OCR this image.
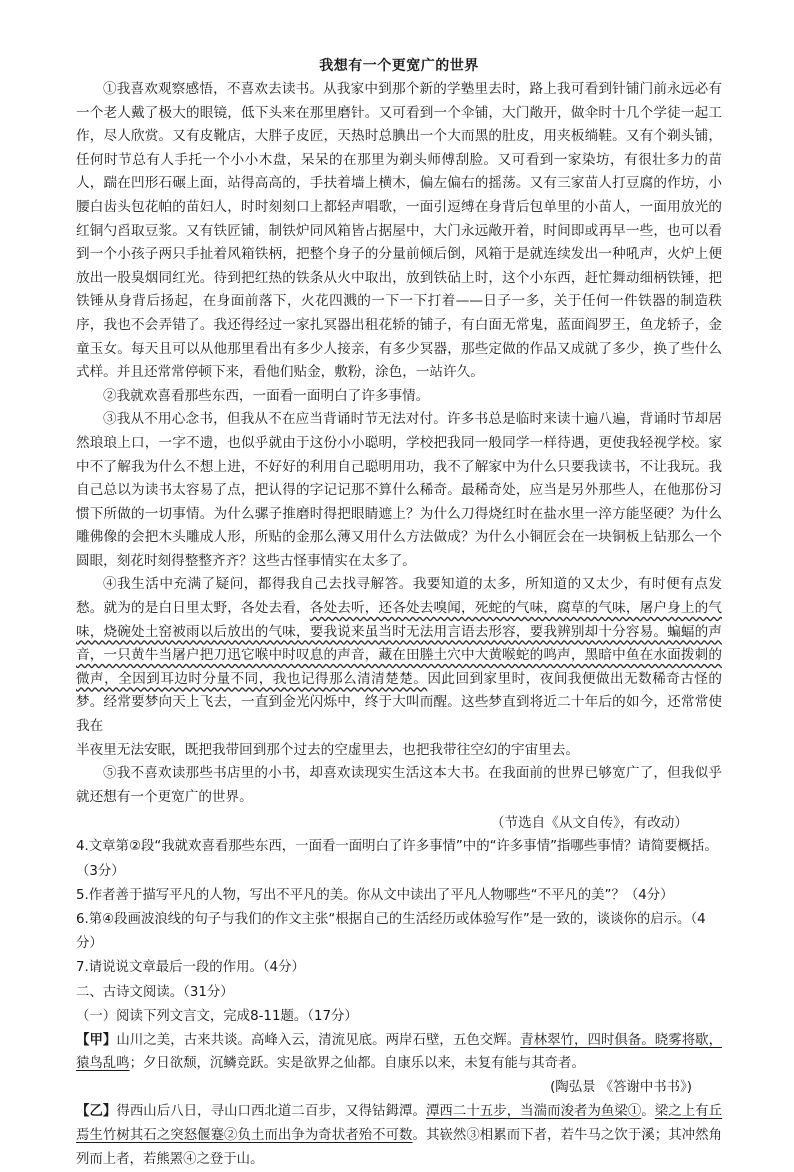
我想有一个更宽广的世界

①我喜欢观察感悟，不喜欢去读书。从我家中到那个新的学塾里去时，路上我可看到针铺门前永远必有一个老人戴了极大的眼镜，低下头来在那里磨针。又可看到一个伞铺，大门敞开，做伞时十几个学徒一起工作，尽人欣赏。又有皮靴店，大胖子皮匠，天热时总腆出一个大而黑的肚皮，用夹板绱鞋。又有个剃头铺，任何时节总有人手托一个小小木盘，呆呆的在那里为剃头师傅刮脸。又可看到一家染坊，有很壮多力的苗人，踹在凹形石碾上面，站得高高的，手扶着墙上横木，偏左偏右的摇荡。又有三家苗人打豆腐的作坊，小腰白齿头包花帕的苗妇人，时时刻刻口上都轻声唱歌，一面引逗缚在身背后包单里的小苗人，一面用放光的红铜勺舀取豆浆。又有铁匠铺，制铁炉同风箱皆占据屋中，大门永远敞开着，时间即或再早一些，也可以看到一个小孩子两只手扯着风箱铁柄，把整个身子的分量前倾后倒，风箱于是就连续发出一种吼声，火炉上便放出一股臭烟同红光。待到把红热的铁条从火中取出，放到铁砧上时，这个小东西，赶忙舞动细柄铁锤，把铁锤从身背后扬起，在身面前落下，火花四溅的一下一下打着——日子一多，关于任何一件铁器的制造秩序，我也不会弄错了。我还得经过一家扎冥器出租花轿的铺子，有白面无常鬼，蓝面阎罗王，鱼龙轿子，金童玉女。每天且可以从他那里看出有多少人接亲，有多少冥器，那些定做的作品又成就了多少，换了些什么式样。并且还常常停顿下来，看他们贴金，敷粉，涂色，一站许久。

②我就欢喜看那些东西，一面看一面明白了许多事情。

③我从不用心念书，但我从不在应当背诵时节无法对付。许多书总是临时来读十遍八遍，背诵时节却居然琅琅上口，一字不遗，也似乎就由于这份小小聪明，学校把我同一般同学一样待遇，更使我轻视学校。家中不了解我为什么不想上进，不好好的利用自己聪明用功，我不了解家中为什么只要我读书，不让我玩。我自己总以为读书太容易了点，把认得的字记记那不算什么稀奇。最稀奇处，应当是另外那些人，在他那份习惯下所做的一切事情。为什么骡子推磨时得把眼睛遮上？为什么刀得烧红时在盐水里一淬方能坚硬？为什么雕佛像的会把木头雕成人形，所贴的金那么薄又用什么方法做成？为什么小铜匠会在一块铜板上钻那么一个圆眼，刻花时刻得整整齐齐？这些古怪事情实在太多了。

④我生活中充满了疑问，都得我自己去找寻解答。我要知道的太多，所知道的又太少，有时便有点发愁。就为的是白日里太野，各处去看，各处去听，还各处去嗅闻，死蛇的气味，腐草的气味，屠户身上的气味，烧碗处土窑被雨以后放出的气味，要我说来虽当时无法用言语去形容，要我辨别却十分容易。蝙蝠的声音，一只黄牛当屠户把刀迅它喉中时叹息的声音，藏在田塍土穴中大黄喉蛇的鸣声，黑暗中鱼在水面拨刺的微声，全因到耳边时分量不同，我也记得那么清清楚楚。因此回到家里时，夜间我便做出无数稀奇古怪的梦。经常要梦向天上飞去，一直到金光闪烁中，终于大叫而醒。这些梦直到将近二十年后的如今，还常常使我在

半夜里无法安眠，既把我带回到那个过去的空虚里去，也把我带往空幻的宇宙里去。

⑤我不喜欢读那些书店里的小书，却喜欢读现实生活这本大书。在我面前的世界已够宽广了，但我似乎就还想有一个更宽广的世界。

（节选自《从文自传》，有改动）

4.文章第②段“我就欢喜看那些东西，一面看一面明白了许多事情”中的“许多事情”指哪些事情？请简要概括。（3分）

5.作者善于描写平凡的人物，写出不平凡的美。你从文中读出了平凡人物哪些“不平凡的美”？（4分）

6.第④段画波浪线的句子与我们的作文主张“根据自己的生活经历或体验写作”是一致的，谈谈你的启示。（4分）

7.请说说文章最后一段的作用。（4分）

二、古诗文阅读。（31分）

（一）阅读下列文言文，完成8-11题。（17分）

【甲】山川之美，古来共谈。高峰入云，清流见底。两岸石壁，五色交辉。青林翠竹，四时俱备。晓雾将歇，猿鸟乱鸣；夕日欲颓，沉鳞竞跃。实是欲界之仙都。自康乐以来，未复有能与其奇者。

(陶弘景 《答谢中书书》)

【乙】得西山后八日，寻山口西北道二百步，又得钴鉧潭。潭西二十五步，当湍而浚者为鱼梁①。梁之上有丘焉生竹树其石之突怒偃蹇②负土而出争为奇状者殆不可数。其嵚然③相累而下者，若牛马之饮于溪；其冲然角列而上者，若熊罴④之登于山。
